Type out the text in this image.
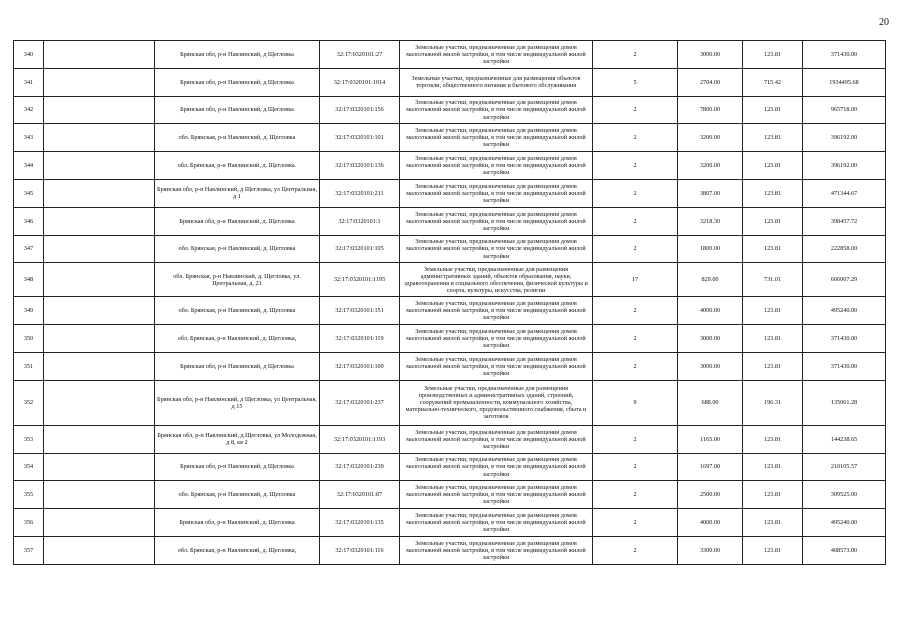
20
340		Брянская обл, р-н Навлинский, д Щегловка	32:17:0320101:27	Земельные участки, предназначенные для размещения домов малоэтажной жилой застройки, в том числе индивидуальной жилой застройки	2	3000.00	123.81	371430.00
341		Брянская обл, р-н Навлинский, д Щегловка	32:17:0320101:1014	Земельные участки, предназначенные для размещения объектов торговли, общественного питания и бытового обслуживания	5	2704.00	715.42	1934495.68
342		Брянская обл, р-н Навлинский, д Щегловка	32:17:0320101:156	Земельные участки, предназначенные для размещения домов малоэтажной жилой застройки, в том числе индивидуальной жилой застройки	2	7800.00	123.81	965718.00
343		обл. Брянская, р-н Навлинский, д. Щегловка	32:17:0320101:101	Земельные участки, предназначенные для размещения домов малоэтажной жилой застройки, в том числе индивидуальной жилой застройки	2	3200.00	123.81	396192.00
344		обл. Брянская, р-н Навлинский, д. Щегловка.	32:17:0320101:136	Земельные участки, предназначенные для размещения домов малоэтажной жилой застройки, в том числе индивидуальной жилой застройки	2	3200.00	123.81	396192.00
345		Брянская обл, р-н Навлинский, д Щегловка, ул Центральная, д 1	32:17:0320101:211	Земельные участки, предназначенные для размещения домов малоэтажной жилой застройки, в том числе индивидуальной жилой застройки	2	3807.00	123.81	471344.67
346		Брянская обл, р-н Навлинский, д. Щегловка	32:17:0320101:1	Земельные участки, предназначенные для размещения домов малоэтажной жилой застройки, в том числе индивидуальной жилой застройки	2	3218.30	123.81	398457.72
347		обл. Брянская, р-н Навлинский, д. Щегловка	32:17:0320101:105	Земельные участки, предназначенные для размещения домов малоэтажной жилой застройки, в том числе индивидуальной жилой застройки	2	1800.00	123.81	222858.00
348		обл. Брянская, р-н Навлинский, д. Щегловка, ул. Центральная, д. 21	32:17:0320101:1195	Земельные участки, предназначенные для размещения административных зданий, объектов образования, науки, здравоохранения и социального обеспечения, физической культуры и спорта, культуры, искусства, религии	17	829.00	731.01	606007.29
349		обл. Брянская, р-н Навлинский, д. Щегловка	32:17:0320101:151	Земельные участки, предназначенные для размещения домов малоэтажной жилой застройки, в том числе индивидуальной жилой застройки	2	4000.00	123.81	495240.00
350		обл. Брянская, р-н Навлинский, д. Щегловка,	32:17:0320101:119	Земельные участки, предназначенные для размещения домов малоэтажной жилой застройки, в том числе индивидуальной жилой застройки	2	3000.00	123.81	371430.00
351		Брянская обл, р-н Навлинский, д Щегловка	32:17:0320101:100	Земельные участки, предназначенные для размещения домов малоэтажной жилой застройки, в том числе индивидуальной жилой застройки	2	3000.00	123.81	371430.00
352		Брянская обл, р-н Навлинский, д Щегловка, ул Центральная, д 15	32:17:0320101:237	Земельные участки, предназначенные для размещения производственных и административных зданий, строений, сооружений промышленности, коммунального хозяйства, материально-технического, продовольственного снабжения, сбыта и заготовок	9	688.00	196.31	135061.28
353		Брянская обл, р-н Навлинский, д Щегловка, ул Молодежная, д 8, кв 2	32:17:0320101:1193	Земельные участки, предназначенные для размещения домов малоэтажной жилой застройки, в том числе индивидуальной жилой застройки	2	1165.00	123.81	144238.65
354		Брянская обл, р-н Навлинский, д Щегловка	32:17:0320101:239	Земельные участки, предназначенные для размещения домов малоэтажной жилой застройки, в том числе индивидуальной жилой застройки	2	1697.00	123.81	210105.57
355		обл. Брянская, р-н Навлинский, д. Щегловка	32:17:0320101:87	Земельные участки, предназначенные для размещения домов малоэтажной жилой застройки, в том числе индивидуальной жилой застройки	2	2500.00	123.81	309525.00
356		Брянская обл, р-н Навлинский, д. Щегловка	32:17:0320101:135	Земельные участки, предназначенные для размещения домов малоэтажной жилой застройки, в том числе индивидуальной жилой застройки	2	4000.00	123.81	495240.00
357		обл. Брянская, р-н Навлинский, д. Щегловка,	32:17:0320101:116	Земельные участки, предназначенные для размещения домов малоэтажной жилой застройки, в том числе индивидуальной жилой застройки	2	3300.00	123.81	408573.00
